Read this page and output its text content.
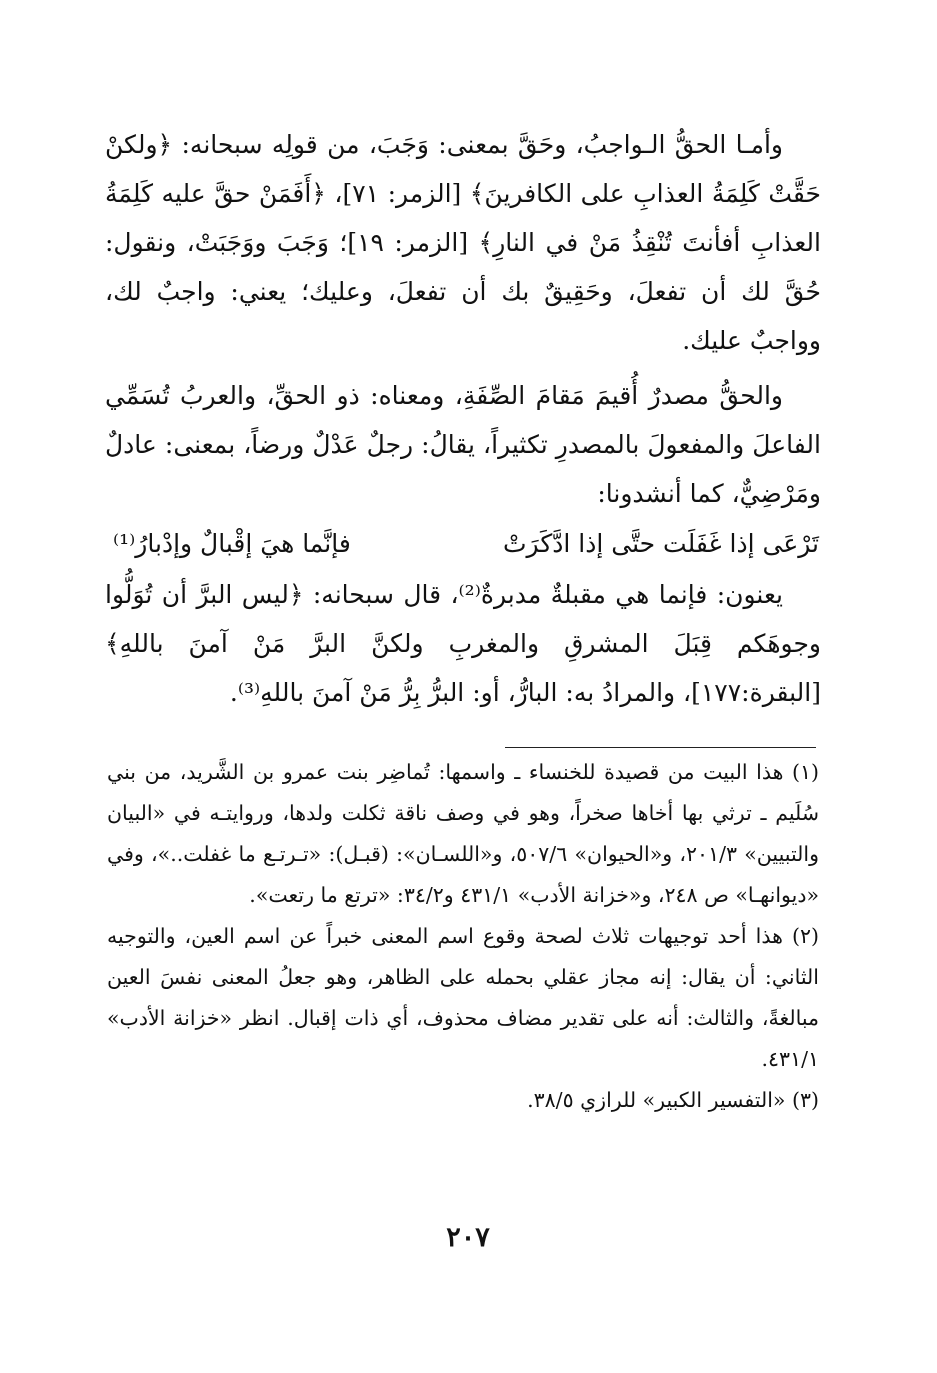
وأمـا الحقُّ الـواجبُ، وحَقَّ بمعنى: وَجَبَ، من قولِه سبحانه: ﴿ولكنْ حَقَّتْ كَلِمَةُ العذابِ على الكافرينَ﴾ [الزمر: ٧١]، ﴿أَفَمَنْ حقَّ عليه كَلِمَةُ العذابِ أفأنتَ تُنْقِذُ مَنْ في النارِ﴾ [الزمر: ١٩]؛ وَجَبَ ووَجَبَتْ، ونقول: حُقَّ لك أن تفعلَ، وحَقِيقٌ بك أن تفعلَ، وعليك؛ يعني: واجبٌ لك، وواجبٌ عليك.

والحقُّ مصدرٌ أُقيمَ مَقامَ الصِّفَةِ، ومعناه: ذو الحقِّ، والعربُ تُسَمِّي الفاعلَ والمفعولَ بالمصدرِ تكثيراً، يقالُ: رجلٌ عَدْلٌ ورضاً، بمعنى: عادلٌ ومَرْضِيٌّ، كما أنشدونا:

تَرْعَى إذا غَفَلَت حتَّى إذا ادَّكَرَتْ
فإنَّما هيَ إقْبالٌ وإدْبارُ⁽¹⁾

يعنون: فإنما هي مقبلةٌ مدبرةٌ⁽²⁾، قال سبحانه: ﴿ليس البرَّ أن تُوَلُّوا وجوهَكم قِبَلَ المشرقِ والمغربِ ولكنَّ البرَّ مَنْ آمنَ باللهِ﴾ [البقرة:١٧٧]، والمرادُ به: البارُّ، أو: البرُّ بِرُّ مَنْ آمنَ باللهِ⁽³⁾.

(١) هذا البيت من قصيدة للخنساء ـ واسمها: تُماضِر بنت عمرو بن الشَّريد، من بني سُلَيم ـ ترثي بها أخاها صخراً، وهو في وصف ناقة ثكلت ولدها، وروايتـه في «البيان والتبيين» ٢٠١/٣، و«الحيوان» ٥٠٧/٦، و«اللسـان»: (قبـل): «تـرتـع ما غفلت..»، وفي «ديوانهـا» ص ٢٤٨، و«خزانة الأدب» ٤٣١/١ و٣٤/٢: «ترتع ما رتعت».

(٢) هذا أحد توجيهات ثلاث لصحة وقوع اسم المعنى خبراً عن اسم العين، والتوجيه الثاني: أن يقال: إنه مجاز عقلي بحمله على الظاهر، وهو جعلُ المعنى نفسَ العين مبالغةً، والثالث: أنه على تقدير مضاف محذوف، أي ذات إقبال. انظر «خزانة الأدب» ٤٣١/١.

(٣) «التفسير الكبير» للرازي ٣٨/٥.

٢٠٧
